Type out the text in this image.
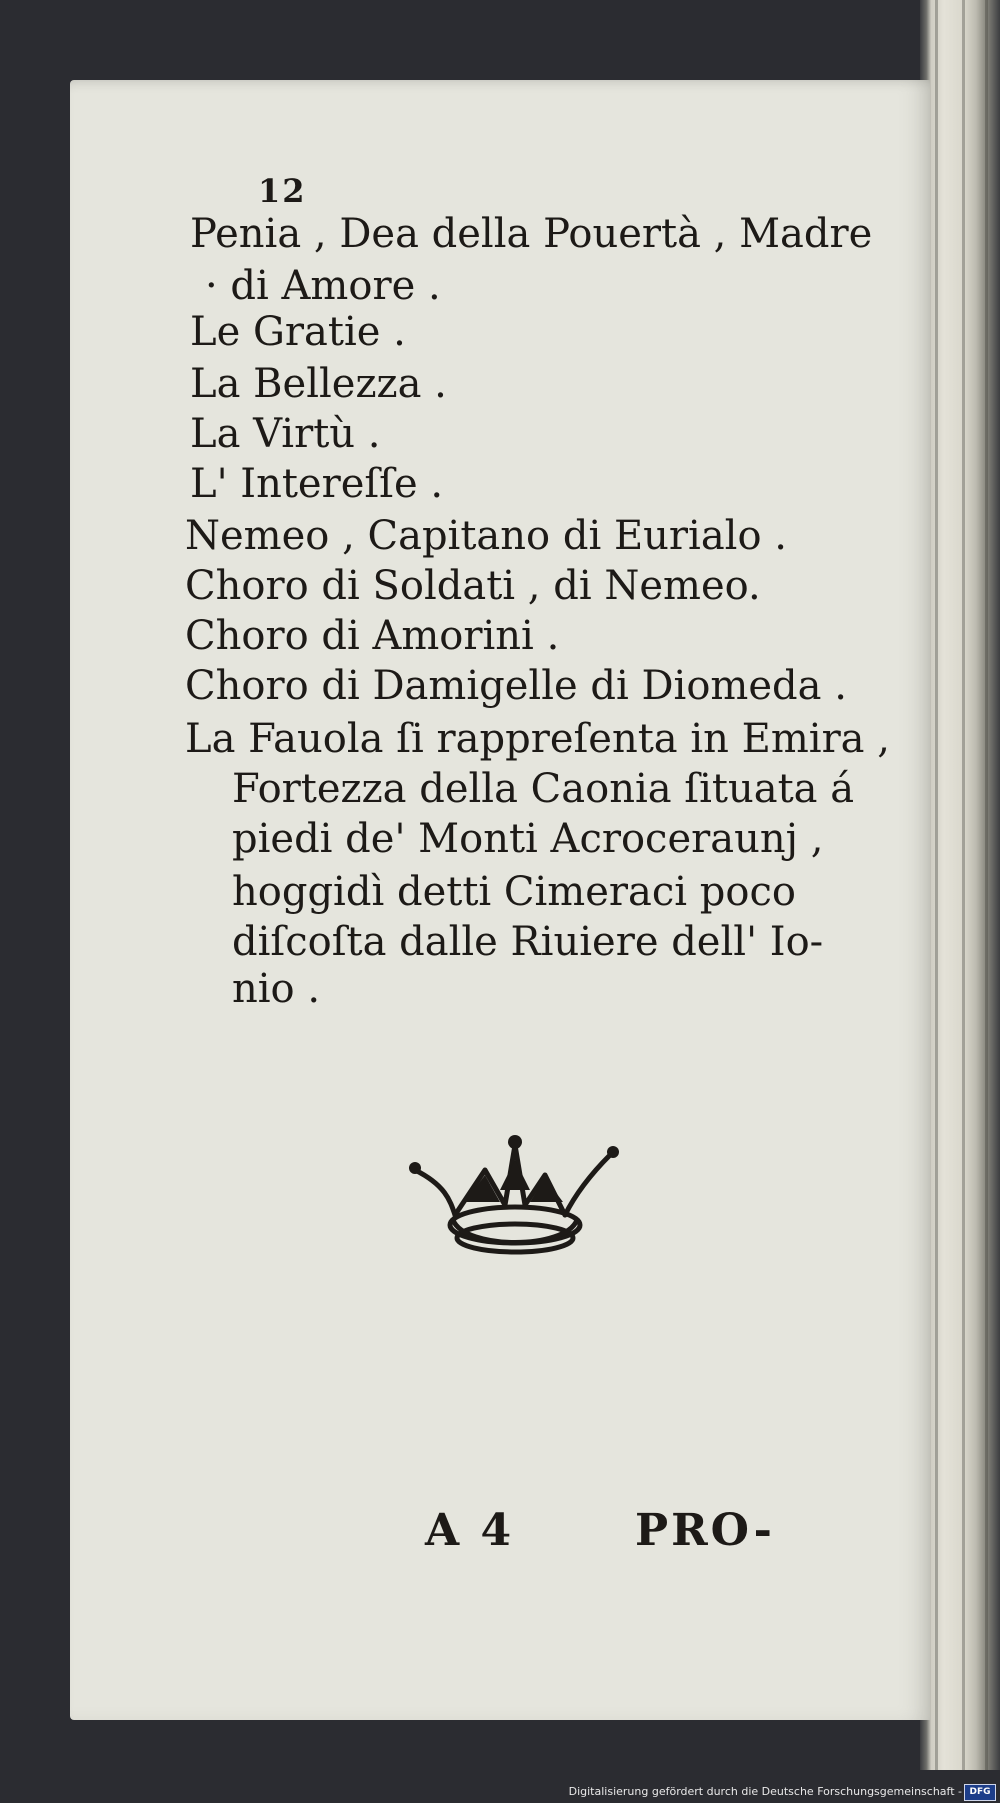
12
Penia , Dea della Pouertà , Madre
· di Amore .
Le Gratie .
La Bellezza .
La Virtù .
L' Intereſſe .
Nemeo , Capitano di Eurialo .
Choro di Soldati , di Nemeo.
Choro di Amorini .
Choro di Damigelle di Diomeda .
La Fauola ſi rappreſenta in Emira ,
Fortezza della Caonia ſituata á
piedi de' Monti Acroceraunj ,
hoggidì detti Cimeraci poco
diſcoſta dalle Riuiere dell' Io-
nio .
A 4	PRO-
Digitalisierung gefördert durch die Deutsche Forschungsgemeinschaft - DFG
